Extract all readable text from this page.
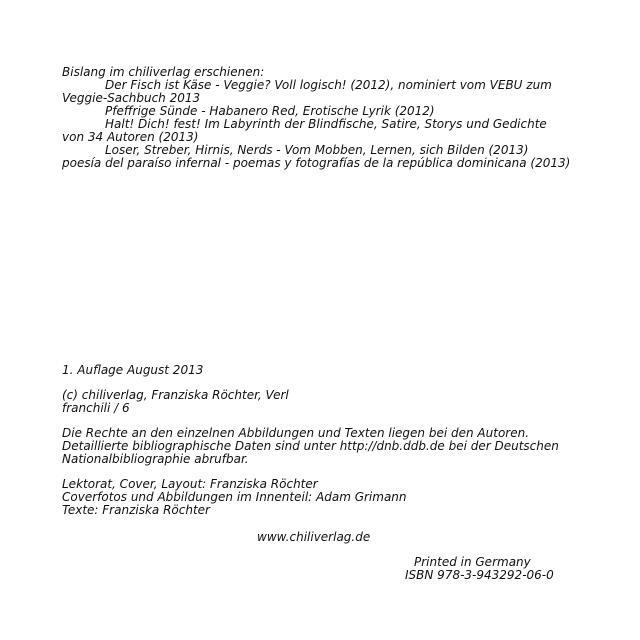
Bislang im chiliverlag erschienen:
Der Fisch ist Käse - Veggie? Voll logisch! (2012), nominiert vom VEBU zum
Veggie-Sachbuch 2013
Pfeffrige Sünde - Habanero Red, Erotische Lyrik (2012)
Halt! Dich! fest! Im Labyrinth der Blindfische, Satire, Storys und Gedichte
von 34 Autoren (2013)
Loser, Streber, Hirnis, Nerds - Vom Mobben, Lernen, sich Bilden (2013)
poesía del paraíso infernal - poemas y fotografías de la república dominicana (2013)
1. Auflage August 2013
(c) chiliverlag, Franziska Röchter, Verl
franchili / 6
Die Rechte an den einzelnen Abbildungen und Texten liegen bei den Autoren.
Detaillierte bibliographische Daten sind unter http://dnb.ddb.de bei der Deutschen
Nationalbibliographie abrufbar.
Lektorat, Cover, Layout: Franziska Röchter
Coverfotos und Abbildungen im Innenteil: Adam Grimann
Texte: Franziska Röchter
www.chiliverlag.de
Printed in Germany
ISBN 978-3-943292-06-0
